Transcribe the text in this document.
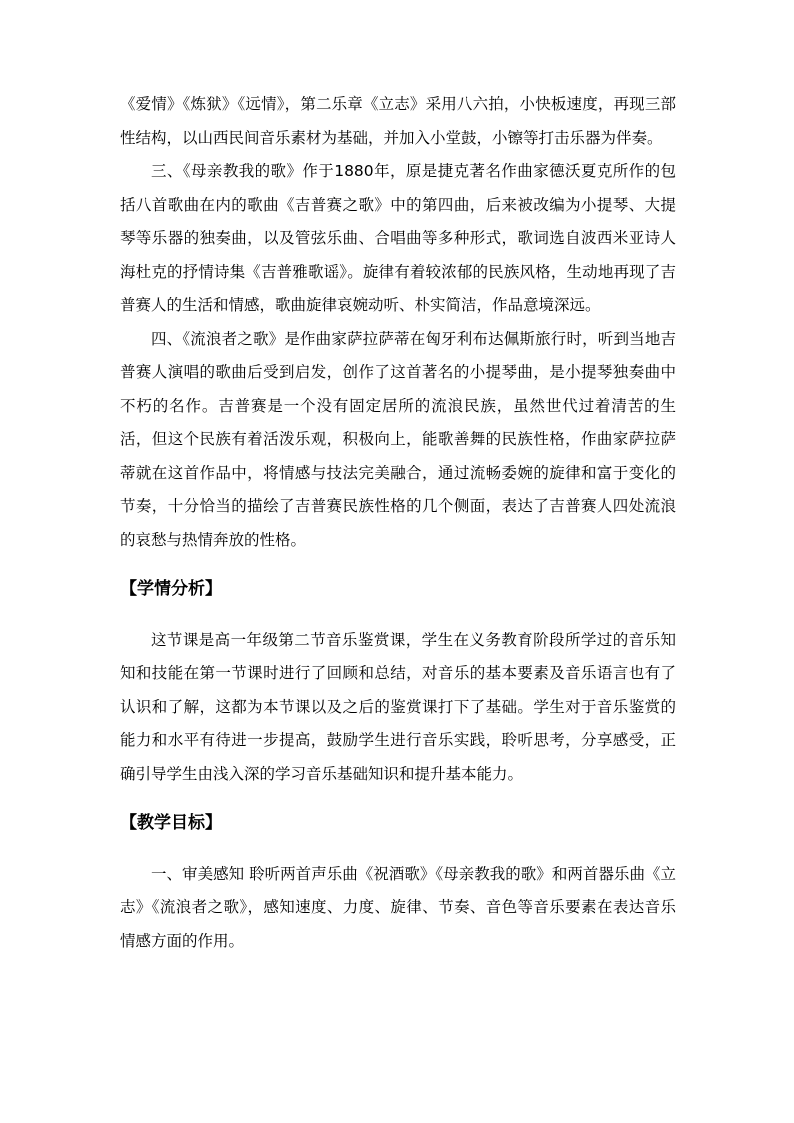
《爱情》《炼狱》《远情》，第二乐章《立志》采用八六拍，小快板速度，再现三部性结构，以山西民间音乐素材为基础，并加入小堂鼓，小镲等打击乐器为伴奏。

三、《母亲教我的歌》作于1880年，原是捷克著名作曲家德沃夏克所作的包括八首歌曲在内的歌曲《吉普赛之歌》中的第四曲，后来被改编为小提琴、大提琴等乐器的独奏曲，以及管弦乐曲、合唱曲等多种形式，歌词选自波西米亚诗人海杜克的抒情诗集《吉普雅歌谣》。旋律有着较浓郁的民族风格，生动地再现了吉普赛人的生活和情感，歌曲旋律哀婉动听、朴实简洁，作品意境深远。

四、《流浪者之歌》是作曲家萨拉萨蒂在匈牙利布达佩斯旅行时，听到当地吉普赛人演唱的歌曲后受到启发，创作了这首著名的小提琴曲，是小提琴独奏曲中不朽的名作。吉普赛是一个没有固定居所的流浪民族，虽然世代过着清苦的生活，但这个民族有着活泼乐观，积极向上，能歌善舞的民族性格，作曲家萨拉萨蒂就在这首作品中，将情感与技法完美融合，通过流畅委婉的旋律和富于变化的节奏，十分恰当的描绘了吉普赛民族性格的几个侧面，表达了吉普赛人四处流浪的哀愁与热情奔放的性格。

【学情分析】

这节课是高一年级第二节音乐鉴赏课，学生在义务教育阶段所学过的音乐知知和技能在第一节课时进行了回顾和总结，对音乐的基本要素及音乐语言也有了认识和了解，这都为本节课以及之后的鉴赏课打下了基础。学生对于音乐鉴赏的能力和水平有待进一步提高，鼓励学生进行音乐实践，聆听思考，分享感受，正确引导学生由浅入深的学习音乐基础知识和提升基本能力。

【教学目标】

一、审美感知 聆听两首声乐曲《祝酒歌》《母亲教我的歌》和两首器乐曲《立志》《流浪者之歌》，感知速度、力度、旋律、节奏、音色等音乐要素在表达音乐情感方面的作用。
